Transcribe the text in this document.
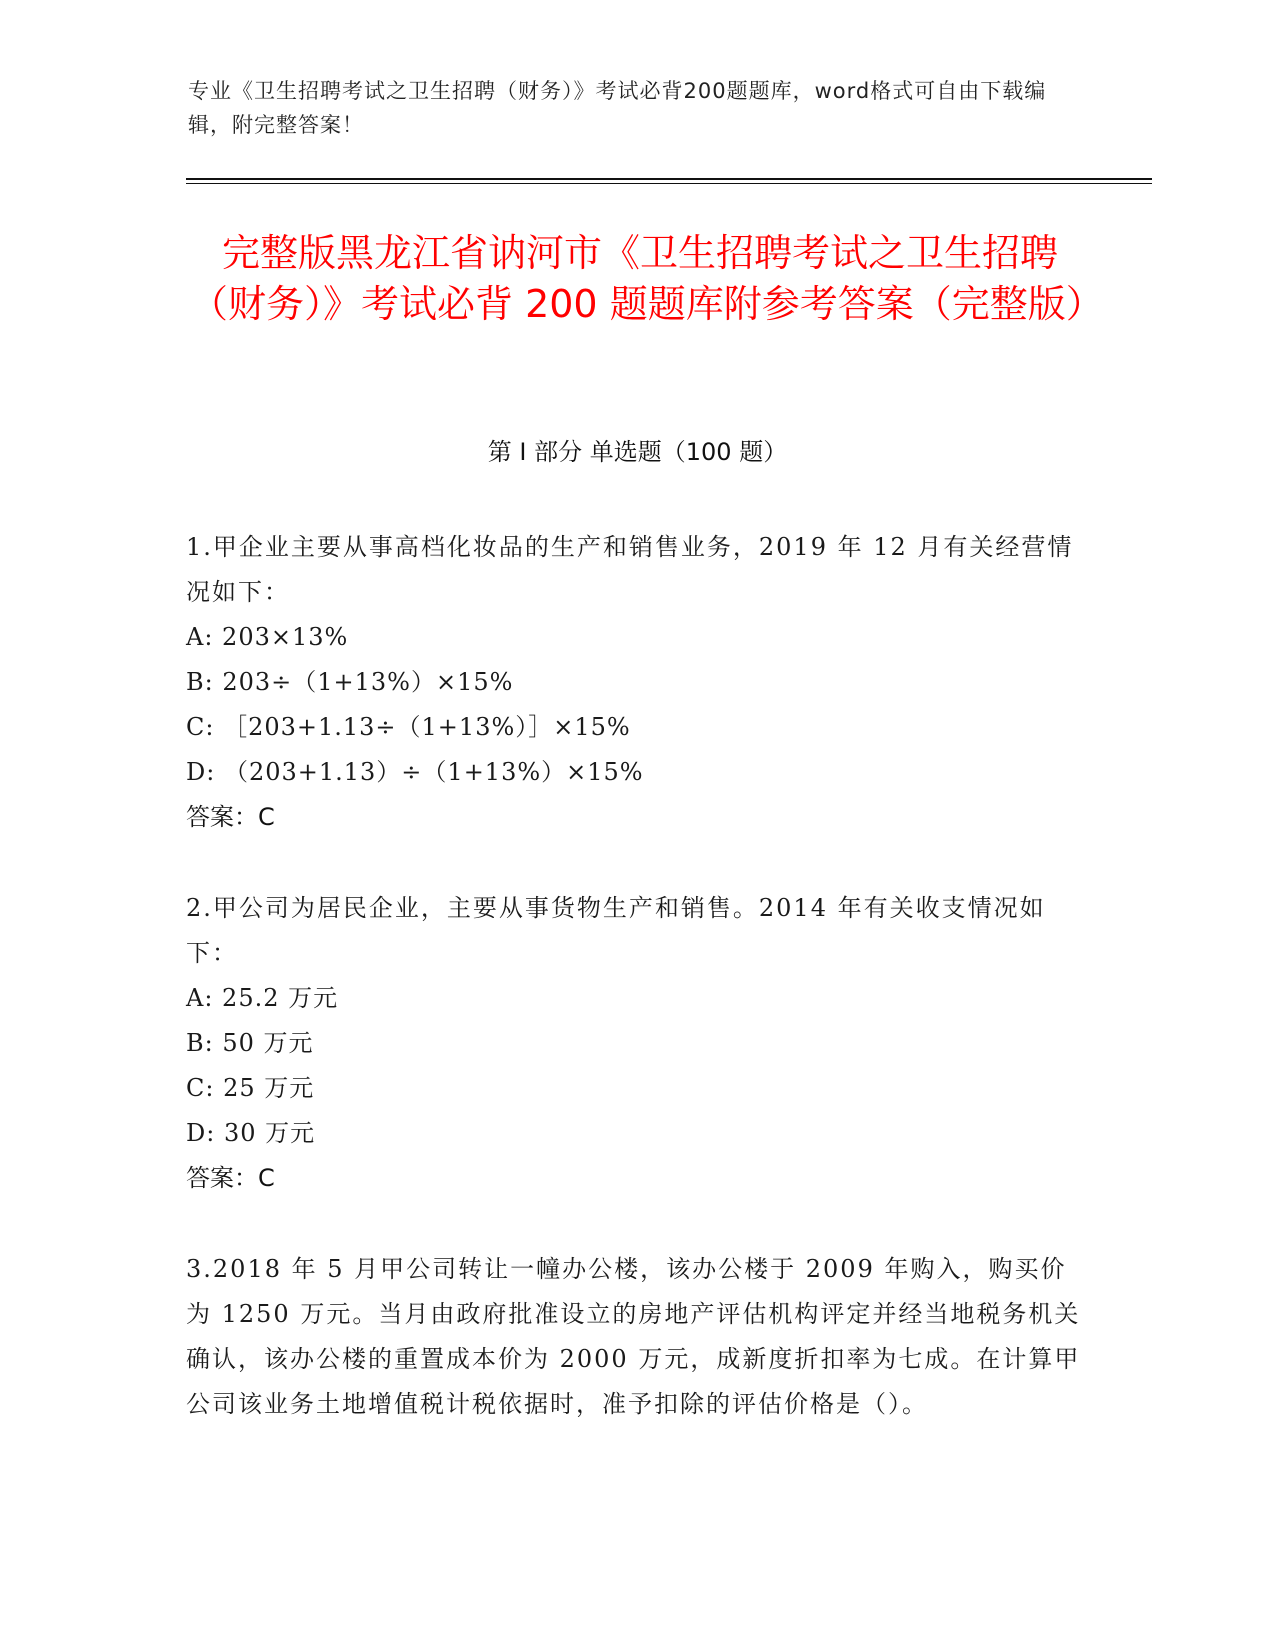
专业《卫生招聘考试之卫生招聘（财务）》考试必背200题题库，word格式可自由下载编辑，附完整答案！
完整版黑龙江省讷河市《卫生招聘考试之卫生招聘（财务）》考试必背 200 题题库附参考答案（完整版）
第 I 部分 单选题（100 题）

1.甲企业主要从事高档化妆品的生产和销售业务，2019 年 12 月有关经营情况如下：

A: 203×13%

B: 203÷（1+13%）×15%

C: ［203+1.13÷（1+13%）］×15%

D: （203+1.13）÷（1+13%）×15%

答案：C

2.甲公司为居民企业，主要从事货物生产和销售。2014 年有关收支情况如下：

A: 25.2 万元

B: 50 万元

C: 25 万元

D: 30 万元

答案：C

3.2018 年 5 月甲公司转让一幢办公楼，该办公楼于 2009 年购入，购买价为 1250 万元。当月由政府批准设立的房地产评估机构评定并经当地税务机关确认，该办公楼的重置成本价为 2000 万元，成新度折扣率为七成。在计算甲公司该业务土地增值税计税依据时，准予扣除的评估价格是（）。
